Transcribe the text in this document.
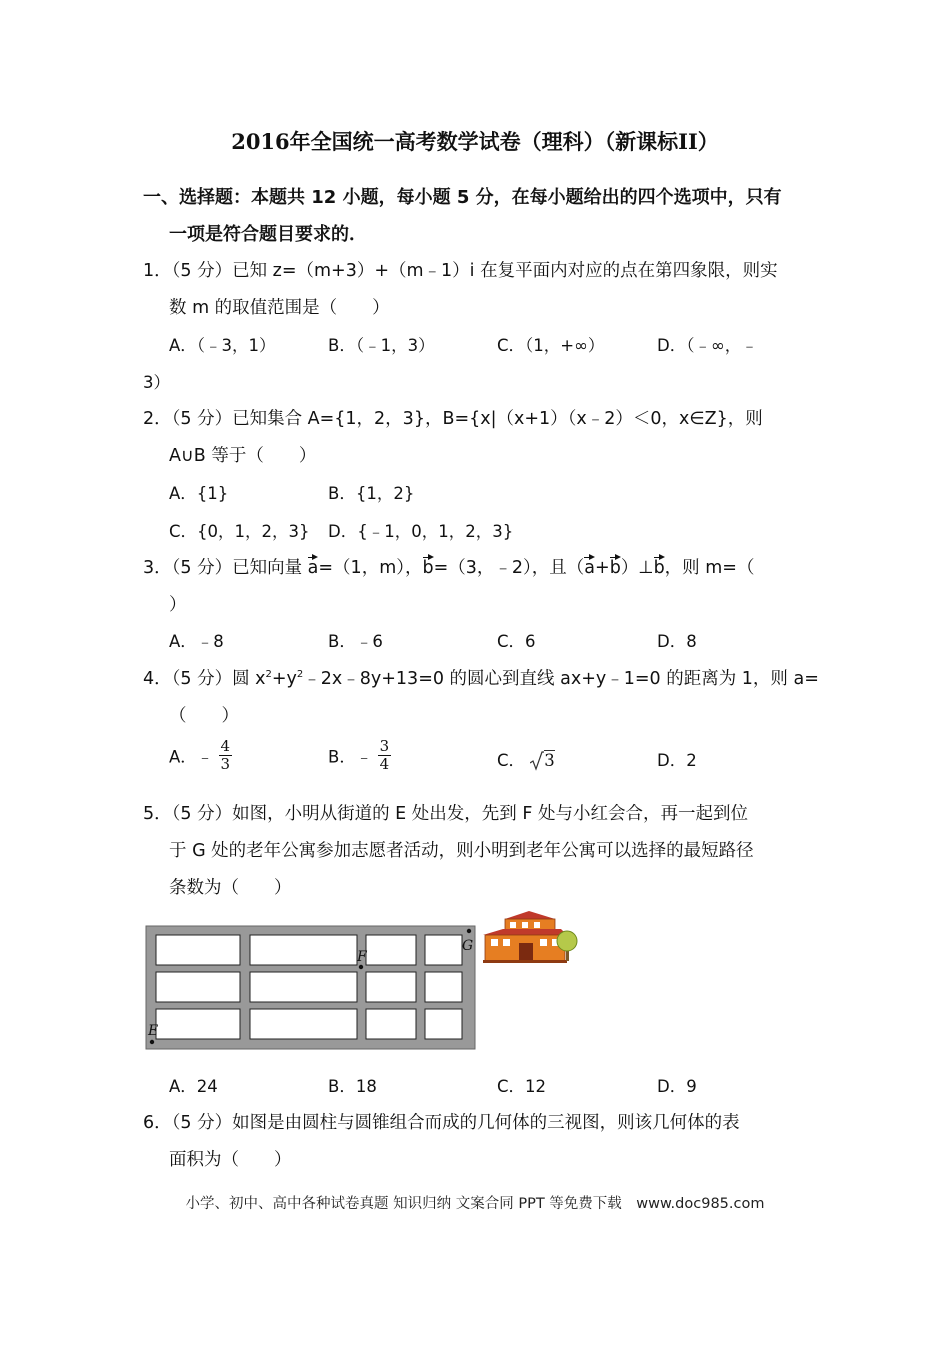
2016年全国统一高考数学试卷（理科）（新课标II）
一、选择题：本题共 12 小题，每小题 5 分，在每小题给出的四个选项中，只有
一项是符合题目要求的．
1．（5 分）已知 z=（m+3）+（m﹣1）i 在复平面内对应的点在第四象限，则实
数 m 的取值范围是（　　）
A．（﹣3，1）	B．（﹣1，3）	C．（1，+∞）	D．（﹣∞，﹣
3）
2．（5 分）已知集合 A={1，2，3}，B={x|（x+1）（x﹣2）＜0，x∈Z}，则
A∪B 等于（　　）
A．{1}	B．{1，2}
C．{0，1，2，3} D．{﹣1，0，1，2，3}
3．（5 分）已知向量 a=（1，m），b=（3，﹣2），且（a+b）⊥b，则 m=（
）
A．﹣8	B．﹣6	C．6	D．8
4．（5 分）圆 $x^2+y^2﹣2x﹣8y+13=0$ 的圆心到直线 ax+y﹣1=0 的距离为 1，则 a=
（　　）
A．﹣ $\frac{4}{3}$	B．﹣ $\frac{3}{4}$	C． 3	D．2
5．（5 分）如图，小明从街道的 E 处出发，先到 F 处与小红会合，再一起到位
于 G 处的老年公寓参加志愿者活动，则小明到老年公寓可以选择的最短路径
条数为（　　）
E
F
G
A．24	B．18	C．12	D．9
6．（5 分）如图是由圆柱与圆锥组合而成的几何体的三视图，则该几何体的表
面积为（　　）
小学、初中、高中各种试卷真题 知识归纳 文案合同 PPT 等免费下载　www.doc985.com
